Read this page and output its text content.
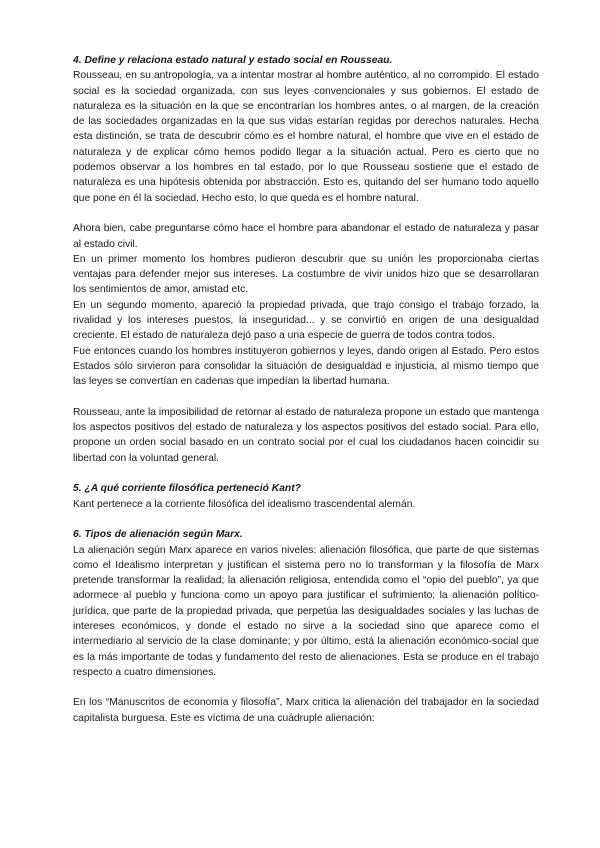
4. Define y relaciona estado natural y estado social en Rousseau.

Rousseau, en su antropología, va a intentar mostrar al hombre auténtico, al no corrompido. El estado social es la sociedad organizada, con sus leyes convencionales y sus gobiernos. El estado de naturaleza es la situación en la que se encontrarían los hombres antes, o al margen, de la creación de las sociedades organizadas en la que sus vidas estarían regidas por derechos naturales. Hecha esta distinción, se trata de descubrir cómo es el hombre natural, el hombre que vive en el estado de naturaleza y de explicar cómo hemos podido llegar a la situación actual. Pero es cierto que no podemos observar a los hombres en tal estado, por lo que Rousseau sostiene que el estado de naturaleza es una hipótesis obtenida por abstracción. Esto es, quitando del ser humano todo aquello que pone en él la sociedad. Hecho esto, lo que queda es el hombre natural.

Ahora bien, cabe preguntarse cómo hace el hombre para abandonar el estado de naturaleza y pasar al estado civil.

En un primer momento los hombres pudieron descubrir que su unión les proporcionaba ciertas ventajas para defender mejor sus intereses. La costumbre de vivir unidos hizo que se desarrollaran los sentimientos de amor, amistad etc.

En un segundo momento, apareció la propiedad privada, que trajo consigo el trabajo forzado, la rivalidad y los intereses puestos, la inseguridad... y se convirtió en origen de una desigualdad creciente. El estado de naturaleza dejó paso a una especie de guerra de todos contra todos.

Fue entonces cuando los hombres instituyeron gobiernos y leyes, dando origen al Estado. Pero estos Estados sólo sirvieron para consolidar la situación de desigualdad e injusticia, al mismo tiempo que las leyes se convertían en cadenas que impedían la libertad humana.

Rousseau, ante la imposibilidad de retornar al estado de naturaleza propone un estado que mantenga los aspectos positivos del estado de naturaleza y los aspectos positivos del estado social. Para ello, propone un orden social basado en un contrato social por el cual los ciudadanos hacen coincidir su libertad con la voluntad general.

5. ¿A qué corriente filosófica perteneció Kant?

Kant pertenece a la corriente filosófica del idealismo trascendental alemán.

6. Tipos de alienación según Marx.

La alienación según Marx aparece en varios niveles: alienación filosófica, que parte de que sistemas como el Idealismo interpretan y justifican el sistema pero no lo transforman y la filosofía de Marx pretende transformar la realidad; la alienación religiosa, entendida como el “opio del pueblo”, ya que adormece al pueblo y funciona como un apoyo para justificar el sufrimiento; la alienación político-jurídica, que parte de la propiedad privada, que perpetúa las desigualdades sociales y las luchas de intereses económicos, y donde el estado no sirve a la sociedad sino que aparece como el intermediario al servicio de la clase dominante; y por último, está la alienación económico-social que es la más importante de todas y fundamento del resto de alienaciones. Esta se produce en el trabajo respecto a cuatro dimensiones.

En los “Manuscritos de economía y filosofía”, Marx critica la alienación del trabajador en la sociedad capitalista burguesa. Este es víctima de una cuádruple alienación:
